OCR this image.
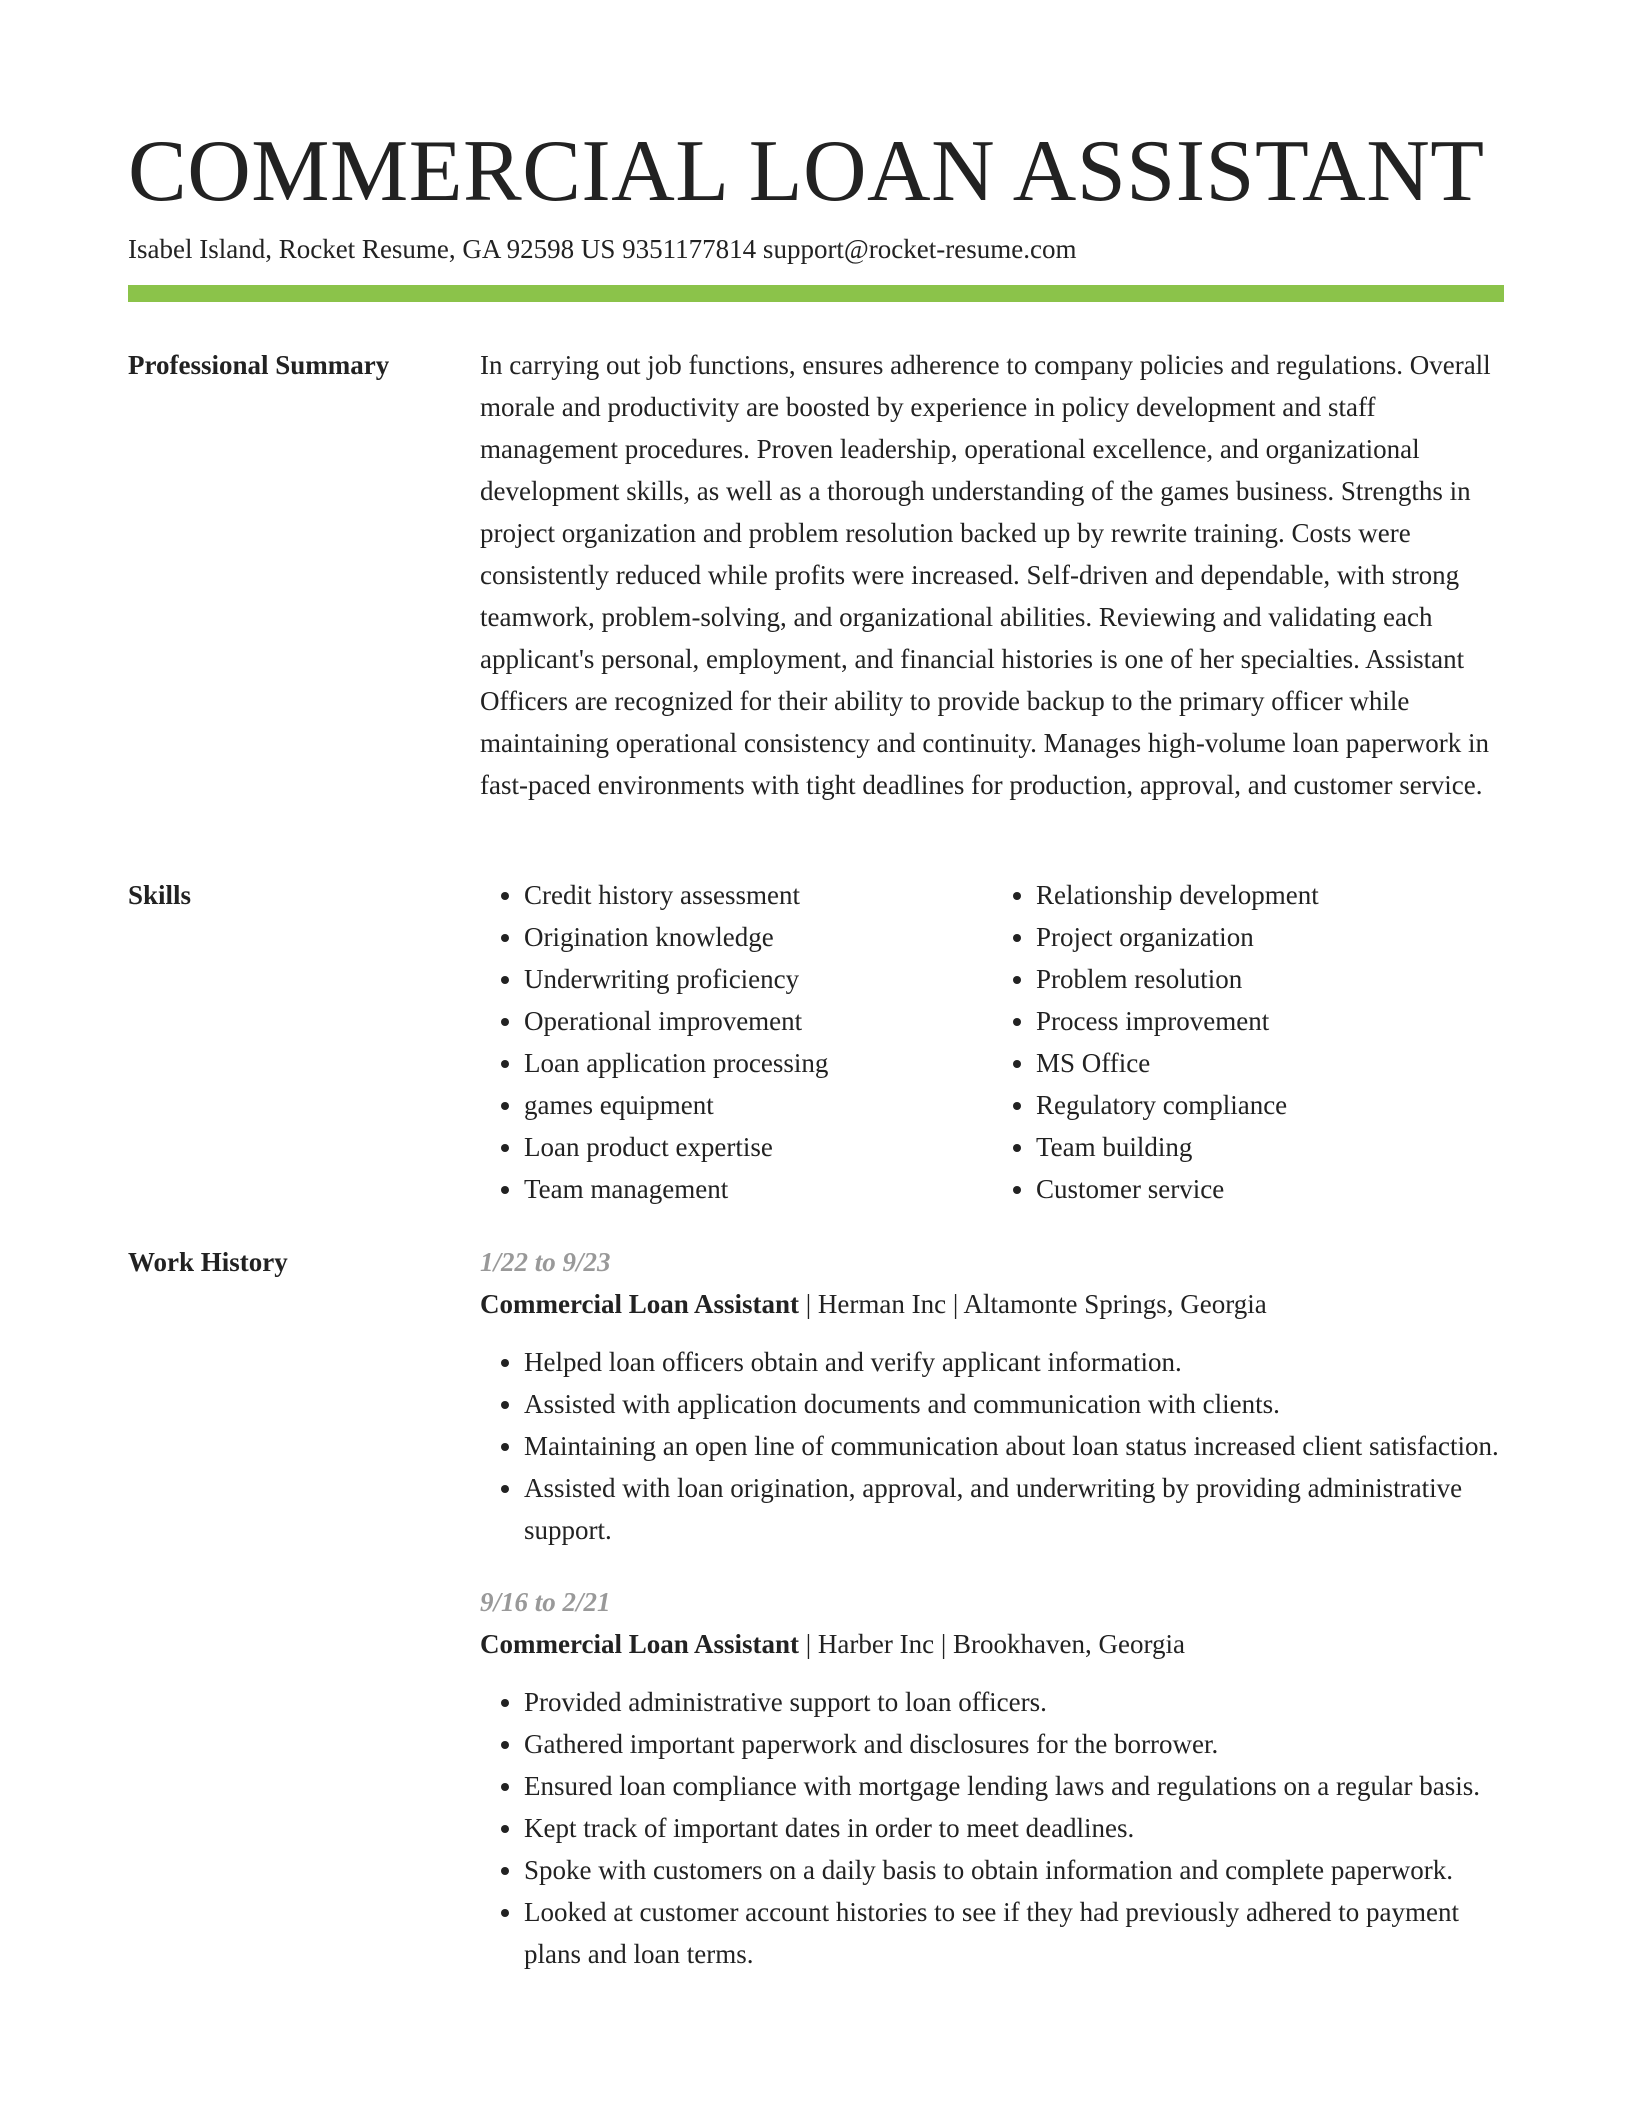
COMMERCIAL LOAN ASSISTANT
Isabel Island, Rocket Resume, GA 92598 US 9351177814 support@rocket-resume.com
Professional Summary	In carrying out job functions, ensures adherence to company policies and regulations. Overall morale and productivity are boosted by experience in policy development and staff management procedures. Proven leadership, operational excellence, and organizational development skills, as well as a thorough understanding of the games business. Strengths in project organization and problem resolution backed up by rewrite training. Costs were consistently reduced while profits were increased. Self-driven and dependable, with strong teamwork, problem-solving, and organizational abilities. Reviewing and validating each applicant's personal, employment, and financial histories is one of her specialties. Assistant Officers are recognized for their ability to provide backup to the primary officer while maintaining operational consistency and continuity. Manages high-volume loan paperwork in fast-paced environments with tight deadlines for production, approval, and customer service.

Skills
•	Credit history assessment
• Origination knowledge
• Underwriting proficiency
• Operational improvement
• Loan application processing
• games equipment
• Loan product expertise
• Team management
• Relationship development
• Project organization
• Problem resolution
• Process improvement
• MS Office
• Regulatory compliance
• Team building
• Customer service
Work History	1/22 to 9/23
Commercial Loan Assistant | Herman Inc | Altamonte Springs, Georgia
• Helped loan officers obtain and verify applicant information.
• Assisted with application documents and communication with clients.
• Maintaining an open line of communication about loan status increased client satisfaction.
• Assisted with loan origination, approval, and underwriting by providing administrative support.
9/16 to 2/21
Commercial Loan Assistant | Harber Inc | Brookhaven, Georgia
• Provided administrative support to loan officers.
• Gathered important paperwork and disclosures for the borrower.
• Ensured loan compliance with mortgage lending laws and regulations on a regular basis.
• Kept track of important dates in order to meet deadlines.
• Spoke with customers on a daily basis to obtain information and complete paperwork.
• Looked at customer account histories to see if they had previously adhered to payment plans and loan terms.
